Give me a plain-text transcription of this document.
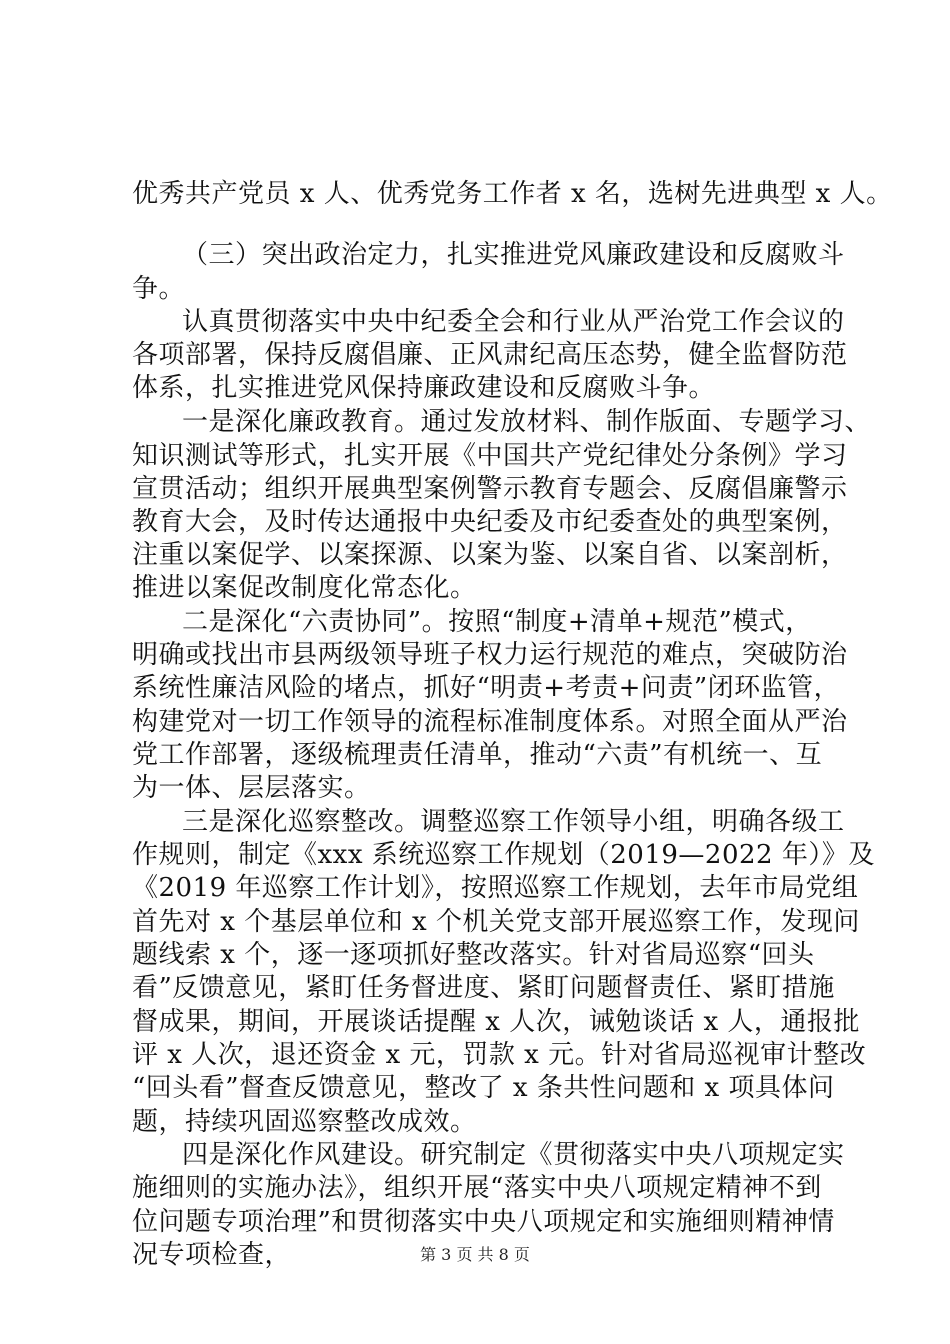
优秀共产党员 x 人、优秀党务工作者 x 名，选树先进典型 x 人。
（三）突出政治定力，扎实推进党风廉政建设和反腐败斗
争。
认真贯彻落实中央中纪委全会和行业从严治党工作会议的
各项部署，保持反腐倡廉、正风肃纪高压态势，健全监督防范
体系，扎实推进党风保持廉政建设和反腐败斗争。
一是深化廉政教育。通过发放材料、制作版面、专题学习、
知识测试等形式，扎实开展《中国共产党纪律处分条例》学习
宣贯活动；组织开展典型案例警示教育专题会、反腐倡廉警示
教育大会，及时传达通报中央纪委及市纪委查处的典型案例，
注重以案促学、以案探源、以案为鉴、以案自省、以案剖析，
推进以案促改制度化常态化。
二是深化“六责协同”。按照“制度+清单+规范”模式，
明确或找出市县两级领导班子权力运行规范的难点，突破防治
系统性廉洁风险的堵点，抓好“明责+考责+问责”闭环监管，
构建党对一切工作领导的流程标准制度体系。对照全面从严治
党工作部署，逐级梳理责任清单，推动“六责”有机统一、互
为一体、层层落实。
三是深化巡察整改。调整巡察工作领导小组，明确各级工
作规则，制定《xxx 系统巡察工作规划（2019—2022 年）》及
《2019 年巡察工作计划》，按照巡察工作规划，去年市局党组
首先对 x 个基层单位和 x 个机关党支部开展巡察工作，发现问
题线索 x 个，逐一逐项抓好整改落实。针对省局巡察“回头
看”反馈意见，紧盯任务督进度、紧盯问题督责任、紧盯措施
督成果，期间，开展谈话提醒 x 人次，诫勉谈话 x 人，通报批
评 x 人次，退还资金 x 元，罚款 x 元。针对省局巡视审计整改
“回头看”督查反馈意见，整改了 x 条共性问题和 x 项具体问
题，持续巩固巡察整改成效。
四是深化作风建设。研究制定《贯彻落实中央八项规定实
施细则的实施办法》，组织开展“落实中央八项规定精神不到
位问题专项治理”和贯彻落实中央八项规定和实施细则精神情
况专项检查，	第 3 页 共 8 页
